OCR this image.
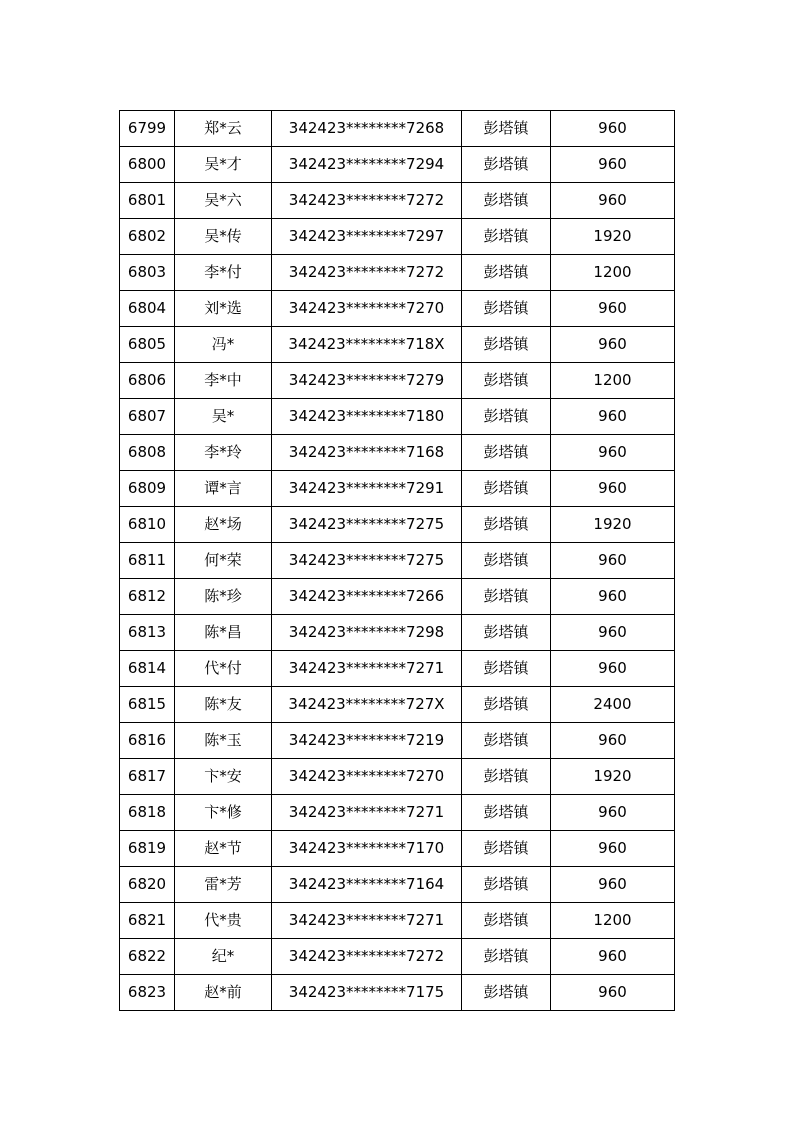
6799	郑*云	342423********7268	彭塔镇	960
6800	吴*才	342423********7294	彭塔镇	960
6801	吴*六	342423********7272	彭塔镇	960
6802	吴*传	342423********7297	彭塔镇	1920
6803	李*付	342423********7272	彭塔镇	1200
6804	刘*选	342423********7270	彭塔镇	960
6805	冯*	342423********718X	彭塔镇	960
6806	李*中	342423********7279	彭塔镇	1200
6807	吴*	342423********7180	彭塔镇	960
6808	李*玲	342423********7168	彭塔镇	960
6809	谭*言	342423********7291	彭塔镇	960
6810	赵*场	342423********7275	彭塔镇	1920
6811	何*荣	342423********7275	彭塔镇	960
6812	陈*珍	342423********7266	彭塔镇	960
6813	陈*昌	342423********7298	彭塔镇	960
6814	代*付	342423********7271	彭塔镇	960
6815	陈*友	342423********727X	彭塔镇	2400
6816	陈*玉	342423********7219	彭塔镇	960
6817	卞*安	342423********7270	彭塔镇	1920
6818	卞*修	342423********7271	彭塔镇	960
6819	赵*节	342423********7170	彭塔镇	960
6820	雷*芳	342423********7164	彭塔镇	960
6821	代*贵	342423********7271	彭塔镇	1200
6822	纪*	342423********7272	彭塔镇	960
6823	赵*前	342423********7175	彭塔镇	960
